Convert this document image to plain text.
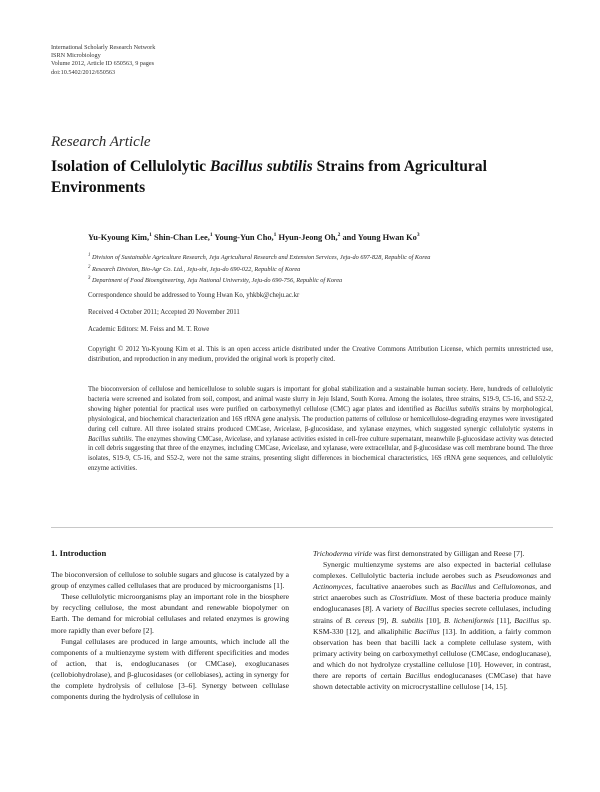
International Scholarly Research Network
ISRN Microbiology
Volume 2012, Article ID 650563, 9 pages
doi:10.5402/2012/650563
Research Article
Isolation of Cellulolytic Bacillus subtilis Strains from Agricultural Environments
Yu-Kyoung Kim,$^1$ Shin-Chan Lee,$^1$ Young-Yun Cho,$^1$ Hyun-Jeong Oh,$^2$ and Young Hwan Ko$^3$
$^1$ Division of Sustainable Agriculture Research, Jeju Agricultural Research and Extension Services, Jeju-do 697-828, Republic of Korea
$^2$ Research Division, Bio-Agr Co. Ltd., Jeju-shi, Jeju-do 690-022, Republic of Korea
$^3$ Department of Food Bioengineering, Jeju National University, Jeju-do 690-756, Republic of Korea
Correspondence should be addressed to Young Hwan Ko, yhkbk@cheju.ac.kr
Received 4 October 2011; Accepted 20 November 2011
Academic Editors: M. Feiss and M. T. Rowe
Copyright © 2012 Yu-Kyoung Kim et al. This is an open access article distributed under the Creative Commons Attribution License, which permits unrestricted use, distribution, and reproduction in any medium, provided the original work is properly cited.
The bioconversion of cellulose and hemicellulose to soluble sugars is important for global stabilization and a sustainable human society. Here, hundreds of cellulolytic bacteria were screened and isolated from soil, compost, and animal waste slurry in Jeju Island, South Korea. Among the isolates, three strains, S19-9, C5-16, and S52-2, showing higher potential for practical uses were purified on carboxymethyl cellulose (CMC) agar plates and identified as Bacillus subtilis strains by morphological, physiological, and biochemical characterization and 16S rRNA gene analysis. The production patterns of cellulose or hemicellulose-degrading enzymes were investigated during cell culture. All three isolated strains produced CMCase, Avicelase, β-glucosidase, and xylanase enzymes, which suggested synergic cellulolytic systems in Bacillus subtilis. The enzymes showing CMCase, Avicelase, and xylanase activities existed in cell-free culture supernatant, meanwhile β-glucosidase activity was detected in cell debris suggesting that three of the enzymes, including CMCase, Avicelase, and xylanase, were extracellular, and β-glucosidase was cell membrane bound. The three isolates, S19-9, C5-16, and S52-2, were not the same strains, presenting slight differences in biochemical characteristics, 16S rRNA gene sequences, and cellulolytic enzyme activities.
1. Introduction

The bioconversion of cellulose to soluble sugars and glucose is catalyzed by a group of enzymes called cellulases that are produced by microorganisms [1].

These cellulolytic microorganisms play an important role in the biosphere by recycling cellulose, the most abundant and renewable biopolymer on Earth. The demand for microbial cellulases and related enzymes is growing more rapidly than ever before [2].

Fungal cellulases are produced in large amounts, which include all the components of a multienzyme system with different specificities and modes of action, that is, endoglucanases (or CMCase), exoglucanases (cellobiohydrolase), and β-glucosidases (or cellobiases), acting in synergy for the complete hydrolysis of cellulose [3–6]. Synergy between cellulase components during the hydrolysis of cellulose in

Trichoderma viride was first demonstrated by Gilligan and Reese [7].

Synergic multienzyme systems are also expected in bacterial cellulase complexes. Cellulolytic bacteria include aerobes such as Pseudomonas and Actinomyces, facultative anaerobes such as Bacillus and Cellulomonas, and strict anaerobes such as Clostridium. Most of these bacteria produce mainly endoglucanases [8]. A variety of Bacillus species secrete cellulases, including strains of B. cereus [9], B. subtilis [10], B. licheniformis [11], Bacillus sp. KSM-330 [12], and alkaliphilic Bacillus [13]. In addition, a fairly common observation has been that bacilli lack a complete cellulase system, with primary activity being on carboxymethyl cellulose (CMCase, endoglucanase), and which do not hydrolyze crystalline cellulose [10]. However, in contrast, there are reports of certain Bacillus endoglucanases (CMCase) that have shown detectable activity on microcrystalline cellulose [14, 15].
